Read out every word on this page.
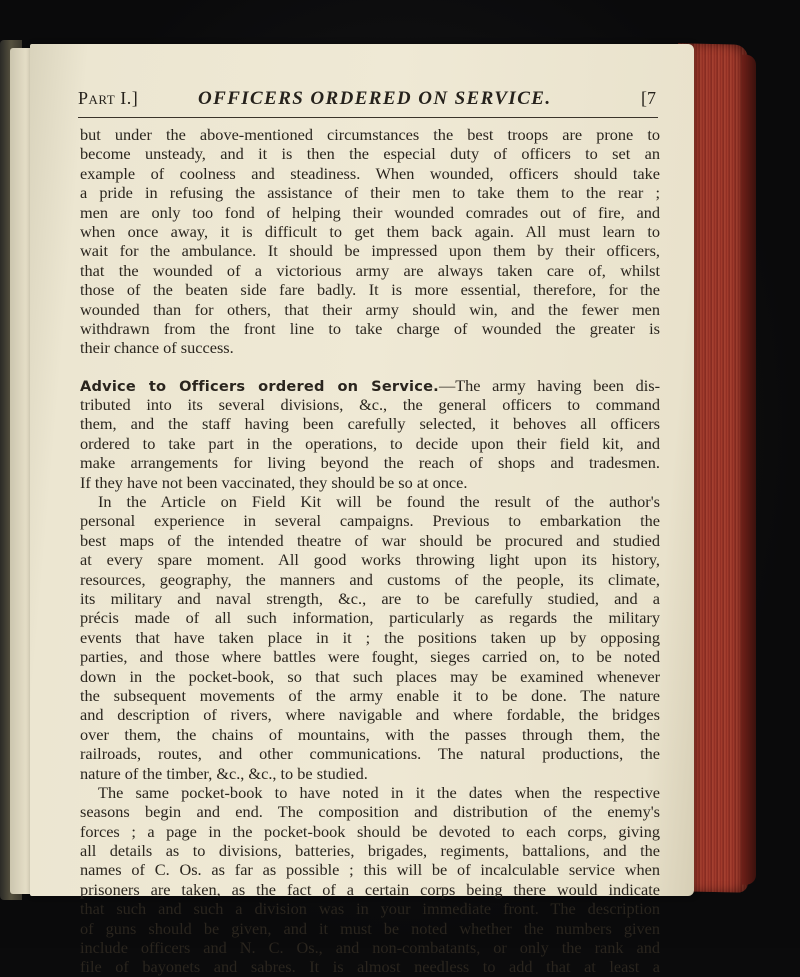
Part I.]	OFFICERS ORDERED ON SERVICE.	[7
but under the above-mentioned circumstances the best troops are prone to
become unsteady, and it is then the especial duty of officers to set an
example of coolness and steadiness. When wounded, officers should take
a pride in refusing the assistance of their men to take them to the rear ;
men are only too fond of helping their wounded comrades out of fire, and
when once away, it is difficult to get them back again. All must learn to
wait for the ambulance. It should be impressed upon them by their officers,
that the wounded of a victorious army are always taken care of, whilst
those of the beaten side fare badly. It is more essential, therefore, for the
wounded than for others, that their army should win, and the fewer men
withdrawn from the front line to take charge of wounded the greater is
their chance of success.
Advice to Officers ordered on Service.—The army having been dis-
tributed into its several divisions, &c., the general officers to command
them, and the staff having been carefully selected, it behoves all officers
ordered to take part in the operations, to decide upon their field kit, and
make arrangements for living beyond the reach of shops and tradesmen.
If they have not been vaccinated, they should be so at once.
In the Article on Field Kit will be found the result of the author's
personal experience in several campaigns. Previous to embarkation the
best maps of the intended theatre of war should be procured and studied
at every spare moment. All good works throwing light upon its history,
resources, geography, the manners and customs of the people, its climate,
its military and naval strength, &c., are to be carefully studied, and a
précis made of all such information, particularly as regards the military
events that have taken place in it ; the positions taken up by opposing
parties, and those where battles were fought, sieges carried on, to be noted
down in the pocket-book, so that such places may be examined whenever
the subsequent movements of the army enable it to be done. The nature
and description of rivers, where navigable and where fordable, the bridges
over them, the chains of mountains, with the passes through them, the
railroads, routes, and other communications. The natural productions, the
nature of the timber, &c., &c., to be studied.
The same pocket-book to have noted in it the dates when the respective
seasons begin and end. The composition and distribution of the enemy's
forces ; a page in the pocket-book should be devoted to each corps, giving
all details as to divisions, batteries, brigades, regiments, battalions, and the
names of C. Os. as far as possible ; this will be of incalculable service when
prisoners are taken, as the fact of a certain corps being there would indicate
that such and such a division was in your immediate front. The description
of guns should be given, and it must be noted whether the numbers given
include officers and N. C. Os., and non-combatants, or only the rank and
file of bayonets and sabres. It is almost needless to add that at least a
